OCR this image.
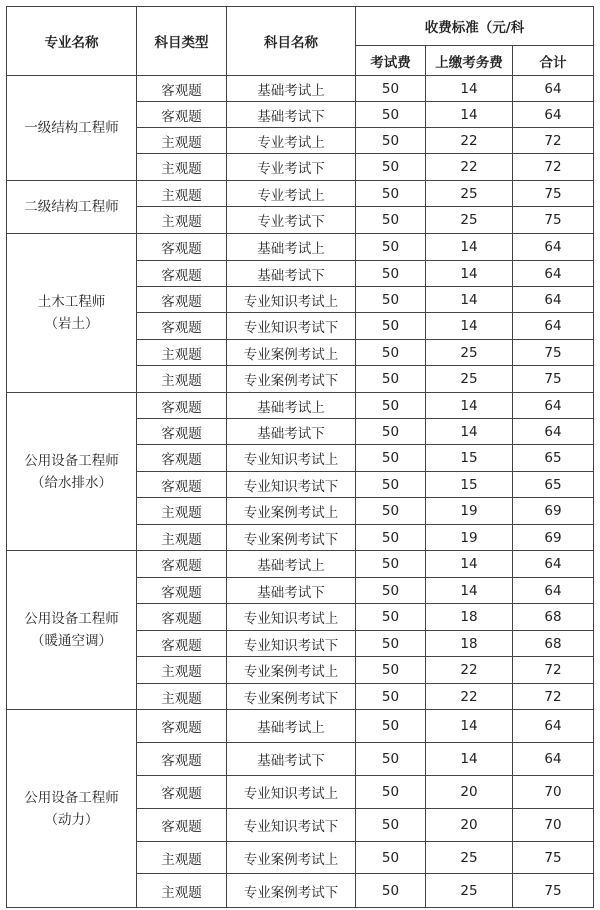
专业名称	科目类型	科目名称	收费标准（元/科		
			考试费	上缴考务费	合计

一级结构工程师	客观题	基础考试上	50	14	64
	客观题	基础考试下	50	14	64
	主观题	专业考试上	50	22	72
	主观题	专业考试下	50	22	72

二级结构工程师	主观题	专业考试上	50	25	75
	主观题	专业考试下	50	25	75

土木工程师
（岩土）	客观题	基础考试上	50	14	64
	客观题	基础考试下	50	14	64
	客观题	专业知识考试上	50	14	64
	客观题	专业知识考试下	50	14	64
	主观题	专业案例考试上	50	25	75
	主观题	专业案例考试下	50	25	75

公用设备工程师
（给水排水）	客观题	基础考试上	50	14	64
	客观题	基础考试下	50	14	64
	客观题	专业知识考试上	50	15	65
	客观题	专业知识考试下	50	15	65
	主观题	专业案例考试上	50	19	69
	主观题	专业案例考试下	50	19	69

公用设备工程师
（暖通空调）	客观题	基础考试上	50	14	64
	客观题	基础考试下	50	14	64
	客观题	专业知识考试上	50	18	68
	客观题	专业知识考试下	50	18	68
	主观题	专业案例考试上	50	22	72
	主观题	专业案例考试下	50	22	72

公用设备工程师
（动力）	客观题	基础考试上	50	14	64
	客观题	基础考试下	50	14	64
	客观题	专业知识考试上	50	20	70
	客观题	专业知识考试下	50	20	70
	主观题	专业案例考试上	50	25	75
	主观题	专业案例考试下	50	25	75
